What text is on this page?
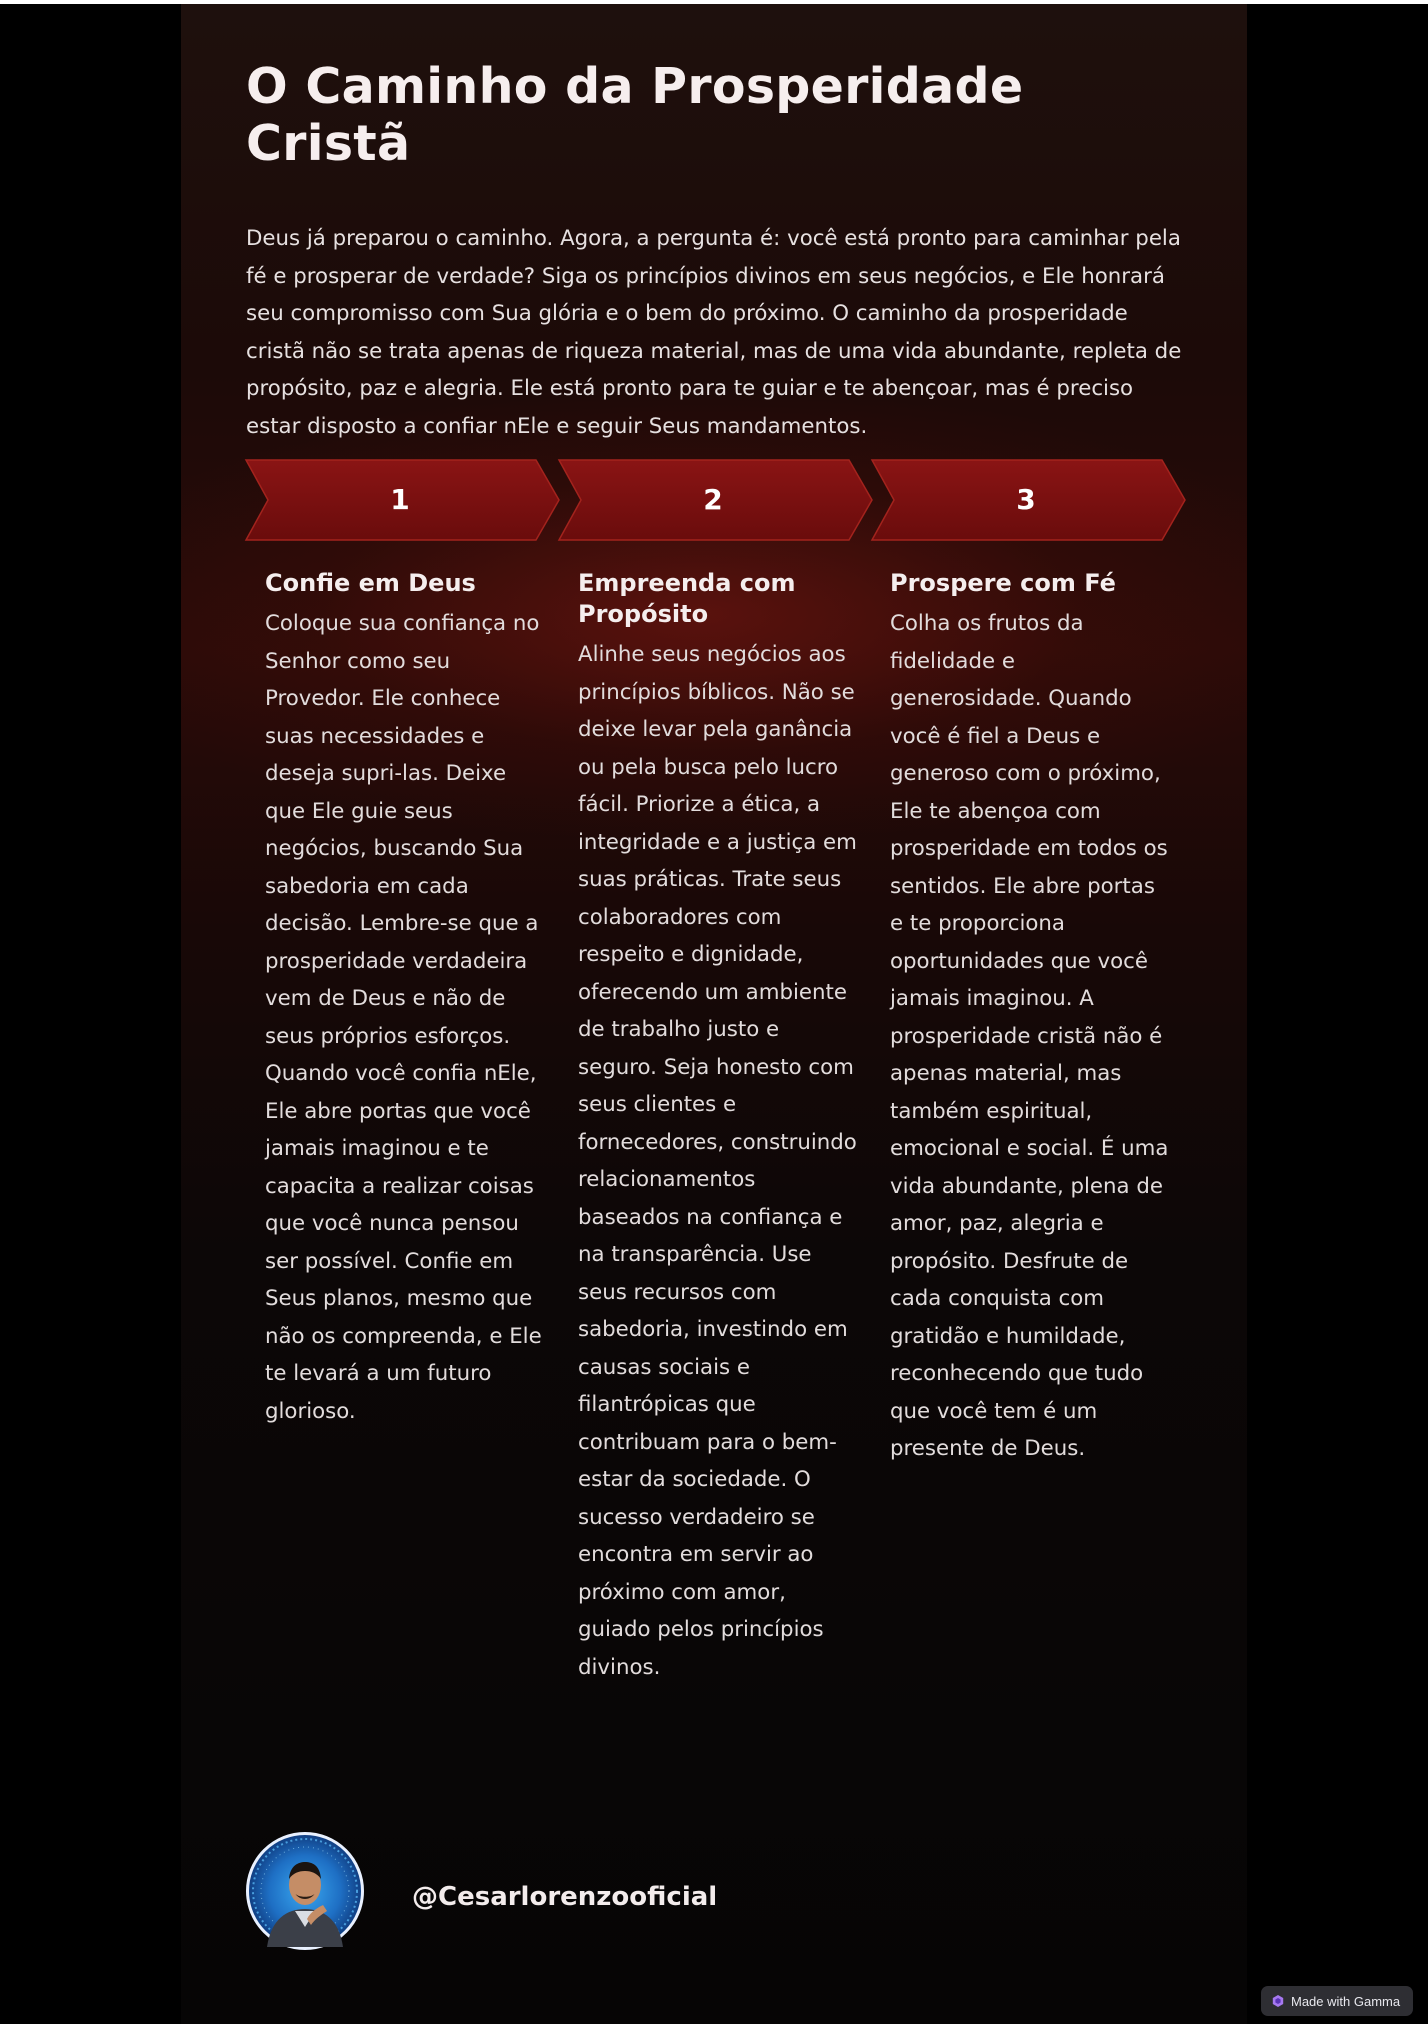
O Caminho da Prosperidade Cristã

Deus já preparou o caminho. Agora, a pergunta é: você está pronto para caminhar pela fé e prosperar de verdade? Siga os princípios divinos em seus negócios, e Ele honrará seu compromisso com Sua glória e o bem do próximo. O caminho da prosperidade cristã não se trata apenas de riqueza material, mas de uma vida abundante, repleta de propósito, paz e alegria. Ele está pronto para te guiar e te abençoar, mas é preciso estar disposto a confiar nEle e seguir Seus mandamentos.

1	2	3
Confie em Deus

Coloque sua confiança no Senhor como seu Provedor. Ele conhece suas necessidades e deseja supri-las. Deixe que Ele guie seus negócios, buscando Sua sabedoria em cada decisão. Lembre-se que a prosperidade verdadeira vem de Deus e não de seus próprios esforços. Quando você confia nEle, Ele abre portas que você jamais imaginou e te capacita a realizar coisas que você nunca pensou ser possível. Confie em Seus planos, mesmo que não os compreenda, e Ele te levará a um futuro glorioso.

Empreenda com Propósito

Alinhe seus negócios aos princípios bíblicos. Não se deixe levar pela ganância ou pela busca pelo lucro fácil. Priorize a ética, a integridade e a justiça em suas práticas. Trate seus colaboradores com respeito e dignidade, oferecendo um ambiente de trabalho justo e seguro. Seja honesto com seus clientes e fornecedores, construindo relacionamentos baseados na confiança e na transparência. Use seus recursos com sabedoria, investindo em causas sociais e filantrópicas que contribuam para o bem-estar da sociedade. O sucesso verdadeiro se encontra em servir ao próximo com amor, guiado pelos princípios divinos.

Prospere com Fé

Colha os frutos da fidelidade e generosidade. Quando você é fiel a Deus e generoso com o próximo, Ele te abençoa com prosperidade em todos os sentidos. Ele abre portas e te proporciona oportunidades que você jamais imaginou. A prosperidade cristã não é apenas material, mas também espiritual, emocional e social. É uma vida abundante, plena de amor, paz, alegria e propósito. Desfrute de cada conquista com gratidão e humildade, reconhecendo que tudo que você tem é um presente de Deus.

@Cesarlorenzooficial

Made with Gamma
